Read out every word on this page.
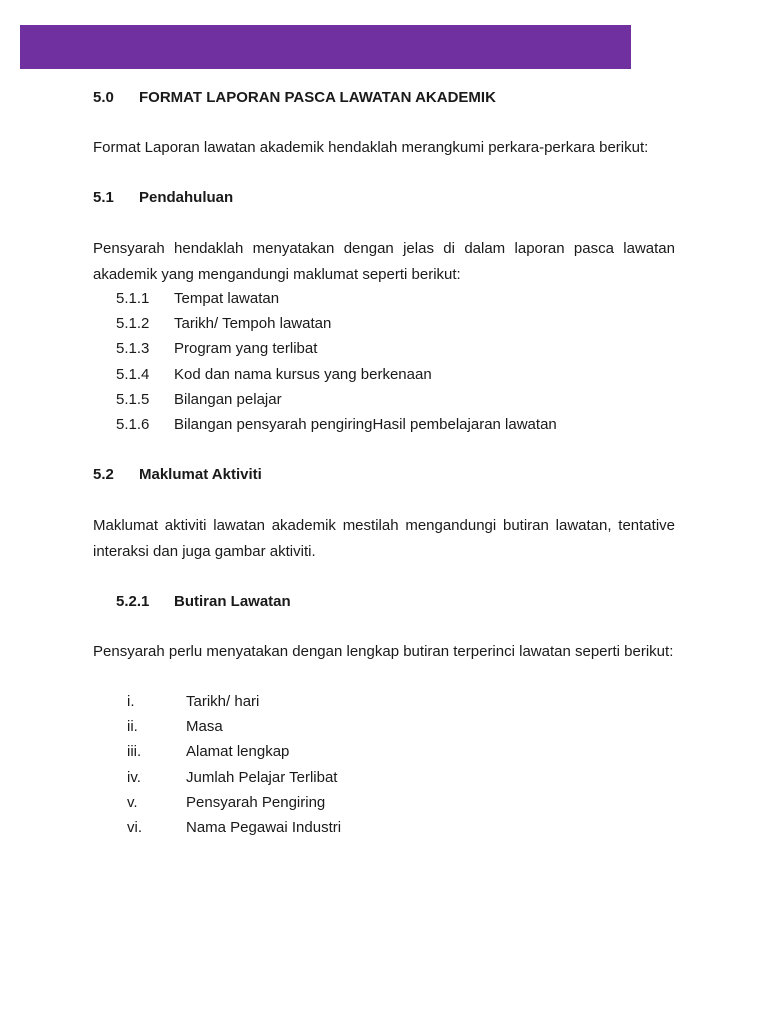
5.0 FORMAT LAPORAN PASCA LAWATAN AKADEMIK
Format Laporan lawatan akademik hendaklah merangkumi perkara-perkara berikut:
5.1 Pendahuluan
Pensyarah hendaklah menyatakan dengan jelas di dalam laporan pasca lawatan akademik yang mengandungi maklumat seperti berikut:
5.1.1 Tempat lawatan
5.1.2 Tarikh/ Tempoh lawatan
5.1.3 Program yang terlibat
5.1.4 Kod dan nama kursus yang berkenaan
5.1.5 Bilangan pelajar
5.1.6 Bilangan pensyarah pengiringHasil pembelajaran lawatan
5.2 Maklumat Aktiviti
Maklumat aktiviti lawatan akademik mestilah mengandungi butiran lawatan, tentative interaksi dan juga gambar aktiviti.
5.2.1 Butiran Lawatan
Pensyarah perlu menyatakan dengan lengkap butiran terperinci lawatan seperti berikut:
i.	Tarikh/ hari
ii.	Masa
iii.	Alamat lengkap
iv.	Jumlah Pelajar Terlibat
v.	Pensyarah Pengiring
vi.	Nama Pegawai Industri
